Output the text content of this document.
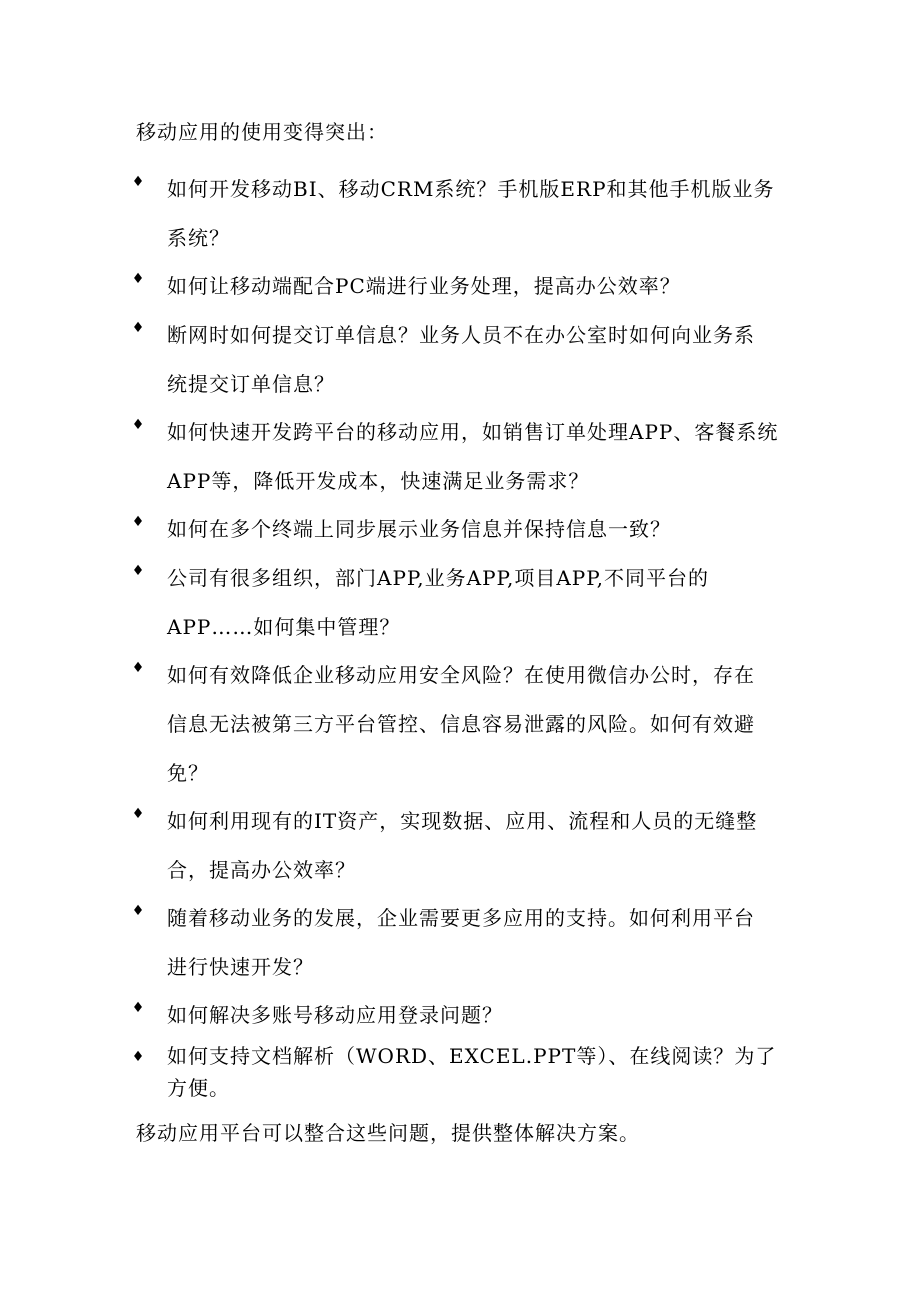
移动应用的使用变得突出：
♦ 如何开发移动BI、移动CRM系统？手机版ERP和其他手机版业务
系统？
♦ 如何让移动端配合PC端进行业务处理，提高办公效率？
♦ 断网时如何提交订单信息？业务人员不在办公室时如何向业务系
统提交订单信息？
♦ 如何快速开发跨平台的移动应用，如销售订单处理APP、客餐系统
APP等，降低开发成本，快速满足业务需求？
♦ 如何在多个终端上同步展示业务信息并保持信息一致？
♦ 公司有很多组织，部门APP,业务APP,项目APP,不同平台的
APP……如何集中管理？
♦ 如何有效降低企业移动应用安全风险？在使用微信办公时，存在
信息无法被第三方平台管控、信息容易泄露的风险。如何有效避
免？
♦ 如何利用现有的IT资产，实现数据、应用、流程和人员的无缝整
合，提高办公效率？
♦ 随着移动业务的发展，企业需要更多应用的支持。如何利用平台
进行快速开发？
♦ 如何解决多账号移动应用登录问题？
♦ 如何支持文档解析（WORD、EXCEL.PPT等）、在线阅读？为了
方便。
移动应用平台可以整合这些问题，提供整体解决方案。
